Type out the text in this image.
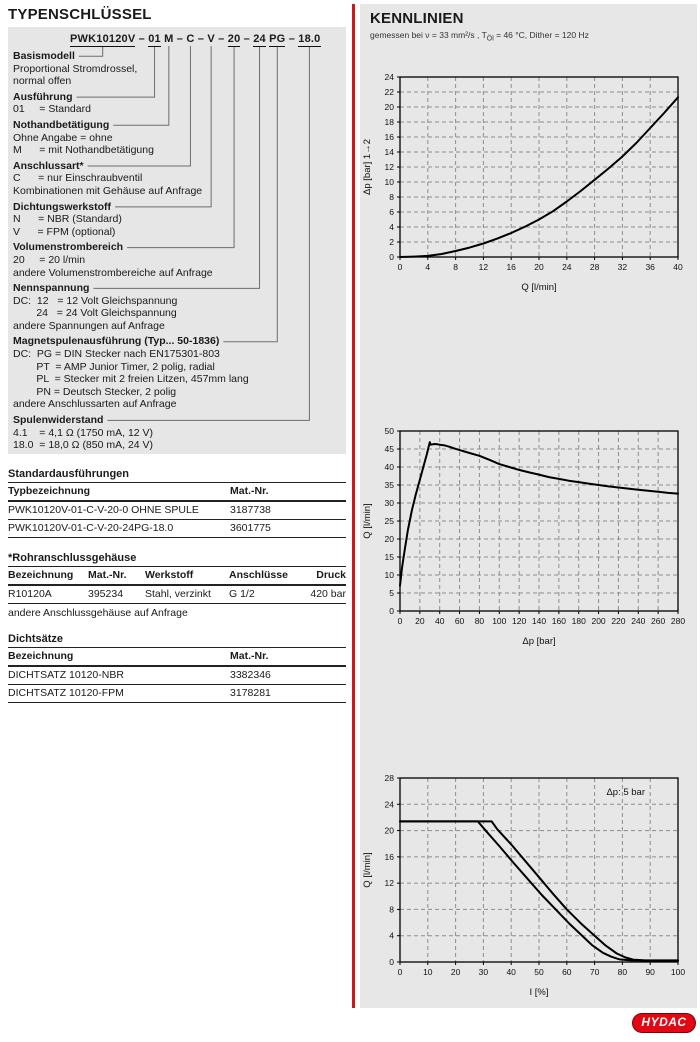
TYPENSCHLÜSSEL
PWK10120V – 01 M – C – V – 20 – 24 PG – 18.0
Basismodell
Proportional Stromdrossel,
normal offen
Ausführung
01     = Standard
Nothandbetätigung
Ohne Angabe = ohne
M      = mit Nothandbetätigung
Anschlussart*
C      = nur Einschraubventil
Kombinationen mit Gehäuse auf Anfrage
Dichtungswerkstoff
N      = NBR (Standard)
V      = FPM (optional)
Volumenstrombereich
20     = 20 l/min
andere Volumenstrombereiche auf Anfrage
Nennspannung
DC:  12   = 12 Volt Gleichspannung
24   = 24 Volt Gleichspannung
andere Spannungen auf Anfrage
Magnetspulenausführung (Typ... 50-1836)
DC:  PG = DIN Stecker nach EN175301-803
PT  = AMP Junior Timer, 2 polig, radial
PL  = Stecker mit 2 freien Litzen, 457mm lang
PN = Deutsch Stecker, 2 polig
andere Anschlussarten auf Anfrage
Spulenwiderstand
4.1    = 4,1 Ω (1750 mA, 12 V)
18.0  = 18,0 Ω (850 mA, 24 V)
Standardausführungen
Typbezeichnung	Mat.-Nr.
PWK10120V-01-C-V-20-0 OHNE SPULE	3187738
PWK10120V-01-C-V-20-24PG-18.0	3601775
*Rohranschlussgehäuse
Bezeichnung	Mat.-Nr.	Werkstoff	Anschlüsse	Druck
R10120A	395234	Stahl, verzinkt	G 1/2	420 bar

andere Anschlussgehäuse auf Anfrage

Dichtsätze
Bezeichnung	Mat.-Nr.
DICHTSATZ 10120-NBR	3382346
DICHTSATZ 10120-FPM	3178281
KENNLINIEN
gemessen bei ν = 33 mm²/s , $T_{Öl} = 46$ °C, Dither = 120 Hz
0	4	8 12 16 20 24 28 32 36 40
0
2
4
6
8
10
12
14
16
18
20
22
24
Q [l/min]
Δp [bar] 1→2
0 20 40 60 80 100 120 140 160 180 200 220 240 260 280
0
5
10
15
20
25
30
35
40
45
50
Δp [bar]
Q [l/min]
0 10 20 30 40 50 60 70 80 90 100
0
4
8
12
16
20
24
28
Δp: 5 bar
I [%]
Q [l/min]
HYDAC
